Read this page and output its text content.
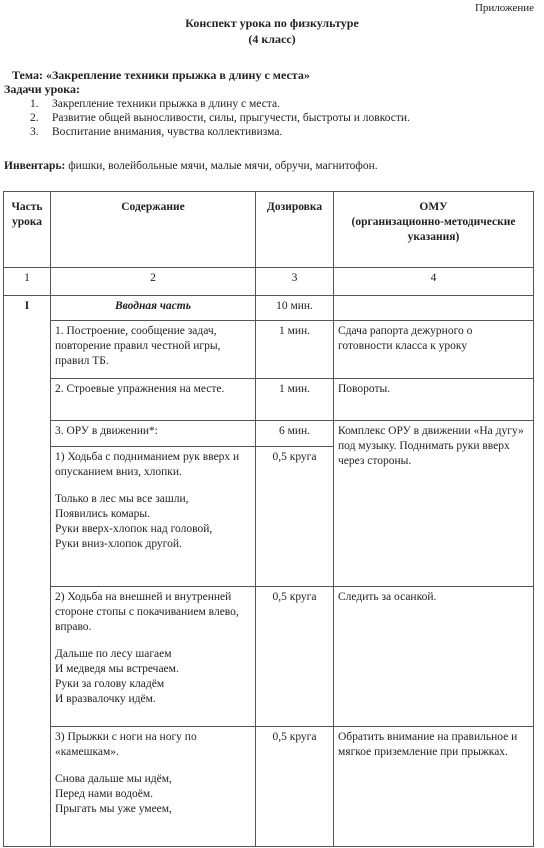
Приложение
Конспект урока по физкультуре
(4 класс)
Тема: «Закрепление техники прыжка в длину с места»
Задачи урока:
1. Закрепление техники прыжка в длину с места.
2. Развитие общей выносливости, силы, прыгучести, быстроты и ловкости.
3. Воспитание внимания, чувства коллективизма.
Инвентарь: фишки, волейбольные мячи, малые мячи, обручи, магнитофон.
Часть урока	Содержание	Дозировка	ОМУ
(организационно-методические указания)

1	2	3	4
I	Вводная часть	10 мин.	
	1. Построение, сообщение задач, повторение правил честной игры, правил ТБ.	1 мин.	Сдача рапорта дежурного о готовности класса к уроку
	2. Строевые упражнения на месте.	1 мин.	Повороты.
	3. ОРУ в движении*:	6 мин.	Комплекс ОРУ в движении «На дугу» под музыку. Поднимать руки вверх через стороны.

	1) Ходьба с подниманием рук вверх и опусканием вниз, хлопки.
Только в лес мы все зашли,
Появились комары.
Руки вверх-хлопок над головой,
Руки вниз-хлопок другой.	0,5 круга	

	2) Ходьба на внешней и внутренней стороне стопы с покачиванием влево, вправо.
Дальше по лесу шагаем
И медведя мы встречаем.
Руки за голову кладём
И вразвалочку идём.	0,5 круга	Следить за осанкой.

	3) Прыжки с ноги на ногу по «камешкам».
Снова дальше мы идём,
Перед нами водоём.
Прыгать мы уже умеем,	0,5 круга	Обратить внимание на правильное и мягкое приземление при прыжках.
